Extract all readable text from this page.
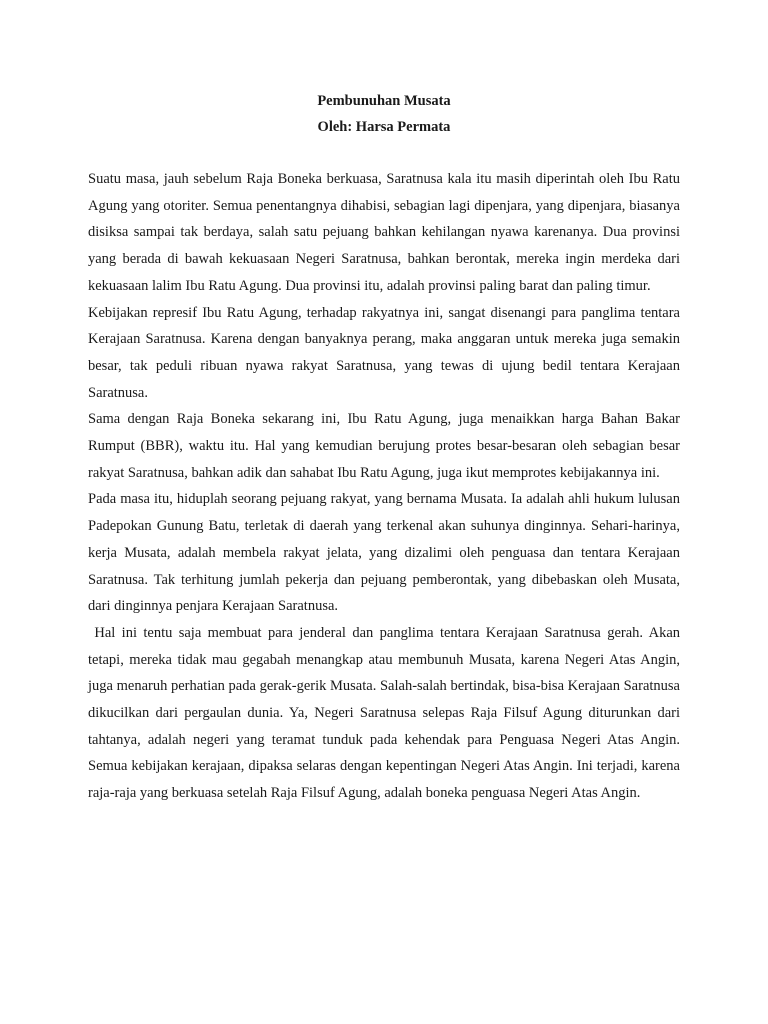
Pembunuhan Musata
Oleh: Harsa Permata

Suatu masa, jauh sebelum Raja Boneka berkuasa, Saratnusa kala itu masih diperintah oleh Ibu Ratu Agung yang otoriter. Semua penentangnya dihabisi, sebagian lagi dipenjara, yang dipenjara, biasanya disiksa sampai tak berdaya, salah satu pejuang bahkan kehilangan nyawa karenanya. Dua provinsi yang berada di bawah kekuasaan Negeri Saratnusa, bahkan berontak, mereka ingin merdeka dari kekuasaan lalim Ibu Ratu Agung. Dua provinsi itu, adalah provinsi paling barat dan paling timur.

Kebijakan represif Ibu Ratu Agung, terhadap rakyatnya ini, sangat disenangi para panglima tentara Kerajaan Saratnusa. Karena dengan banyaknya perang, maka anggaran untuk mereka juga semakin besar, tak peduli ribuan nyawa rakyat Saratnusa, yang tewas di ujung bedil tentara Kerajaan Saratnusa.

Sama dengan Raja Boneka sekarang ini, Ibu Ratu Agung, juga menaikkan harga Bahan Bakar Rumput (BBR), waktu itu. Hal yang kemudian berujung protes besar-besaran oleh sebagian besar rakyat Saratnusa, bahkan adik dan sahabat Ibu Ratu Agung, juga ikut memprotes kebijakannya ini.

Pada masa itu, hiduplah seorang pejuang rakyat, yang bernama Musata. Ia adalah ahli hukum lulusan Padepokan Gunung Batu, terletak di daerah yang terkenal akan suhunya dinginnya. Sehari-harinya, kerja Musata, adalah membela rakyat jelata, yang dizalimi oleh penguasa dan tentara Kerajaan Saratnusa. Tak terhitung jumlah pekerja dan pejuang pemberontak, yang dibebaskan oleh Musata, dari dinginnya penjara Kerajaan Saratnusa.

Hal ini tentu saja membuat para jenderal dan panglima tentara Kerajaan Saratnusa gerah. Akan tetapi, mereka tidak mau gegabah menangkap atau membunuh Musata, karena Negeri Atas Angin, juga menaruh perhatian pada gerak-gerik Musata. Salah-salah bertindak, bisa-bisa Kerajaan Saratnusa dikucilkan dari pergaulan dunia. Ya, Negeri Saratnusa selepas Raja Filsuf Agung diturunkan dari tahtanya, adalah negeri yang teramat tunduk pada kehendak para Penguasa Negeri Atas Angin. Semua kebijakan kerajaan, dipaksa selaras dengan kepentingan Negeri Atas Angin. Ini terjadi, karena raja-raja yang berkuasa setelah Raja Filsuf Agung, adalah boneka penguasa Negeri Atas Angin.
